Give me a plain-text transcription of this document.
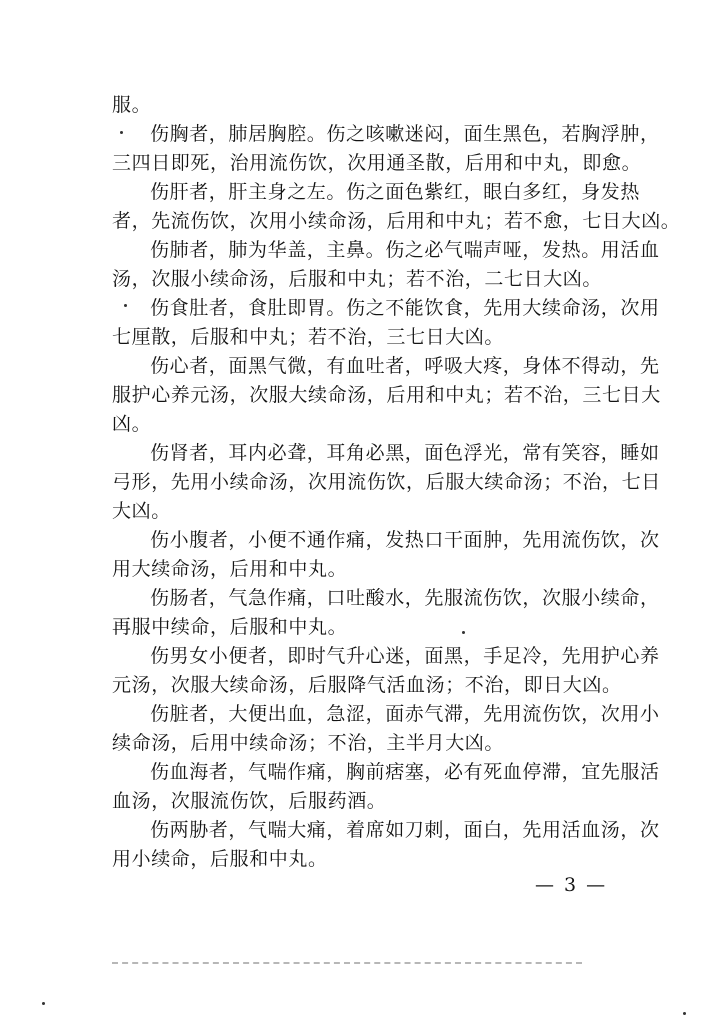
服。
伤胸者，肺居胸腔。伤之咳嗽迷闷，面生黑色，若胸浮肿，
三四日即死，治用流伤饮，次用通圣散，后用和中丸，即愈。
伤肝者，肝主身之左。伤之面色紫红，眼白多红，身发热
者，先流伤饮，次用小续命汤，后用和中丸；若不愈，七日大凶。
伤肺者，肺为华盖，主鼻。伤之必气喘声哑，发热。用活血
汤，次服小续命汤，后服和中丸；若不治，二七日大凶。
伤食肚者，食肚即胃。伤之不能饮食，先用大续命汤，次用
七厘散，后服和中丸；若不治，三七日大凶。
伤心者，面黑气微，有血吐者，呼吸大疼，身体不得动，先
服护心养元汤，次服大续命汤，后用和中丸；若不治，三七日大
凶。
伤肾者，耳内必聋，耳角必黑，面色浮光，常有笑容，睡如
弓形，先用小续命汤，次用流伤饮，后服大续命汤；不治，七日
大凶。
伤小腹者，小便不通作痛，发热口干面肿，先用流伤饮，次
用大续命汤，后用和中丸。
伤肠者，气急作痛，口吐酸水，先服流伤饮，次服小续命，
再服中续命，后服和中丸。
伤男女小便者，即时气升心迷，面黑，手足冷，先用护心养
元汤，次服大续命汤，后服降气活血汤；不治，即日大凶。
伤脏者，大便出血，急涩，面赤气滞，先用流伤饮，次用小
续命汤，后用中续命汤；不治，主半月大凶。
伤血海者，气喘作痛，胸前痞塞，必有死血停滞，宜先服活
血汤，次服流伤饮，后服药酒。
伤两胁者，气喘大痛，着席如刀刺，面白，先用活血汤，次
用小续命，后服和中丸。
— 3 —
